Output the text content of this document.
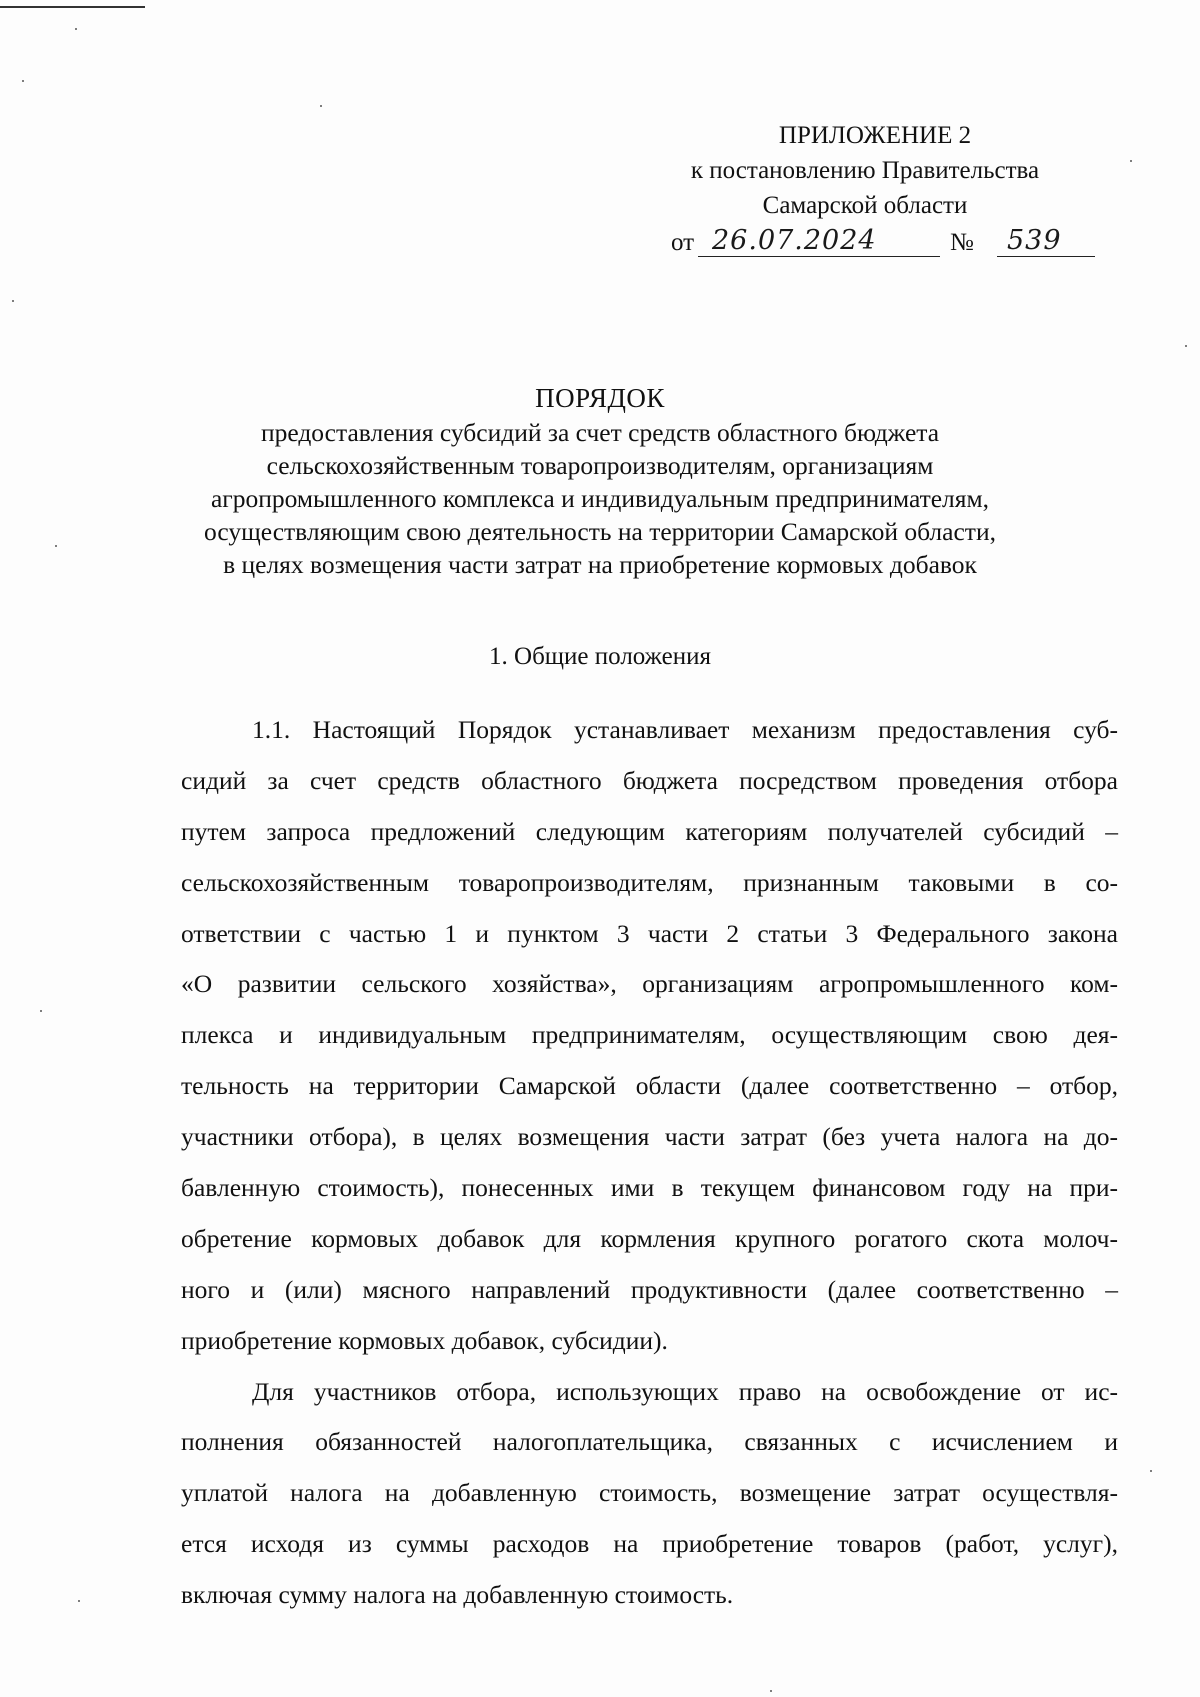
ПРИЛОЖЕНИЕ 2
к постановлению Правительства
Самарской области
от 26.07.2024	№	539
ПОРЯДОК
предоставления субсидий за счет средств областного бюджета
сельскохозяйственным товаропроизводителям, организациям
агропромышленного комплекса и индивидуальным предпринимателям,
осуществляющим свою деятельность на территории Самарской области,
в целях возмещения части затрат на приобретение кормовых добавок
1. Общие положения
1.1. Настоящий Порядок устанавливает механизм предоставления суб-
сидий за счет средств областного бюджета посредством проведения отбора
путем запроса предложений следующим категориям получателей субсидий –
сельскохозяйственным товаропроизводителям, признанным таковыми в со-
ответствии с частью 1 и пунктом 3 части 2 статьи 3 Федерального закона
«О развитии сельского хозяйства», организациям агропромышленного ком-
плекса и индивидуальным предпринимателям, осуществляющим свою дея-
тельность на территории Самарской области (далее соответственно – отбор,
участники отбора), в целях возмещения части затрат (без учета налога на до-
бавленную стоимость), понесенных ими в текущем финансовом году на при-
обретение кормовых добавок для кормления крупного рогатого скота молоч-
ного и (или) мясного направлений продуктивности (далее соответственно –
приобретение кормовых добавок, субсидии).
Для участников отбора, использующих право на освобождение от ис-
полнения обязанностей налогоплательщика, связанных с исчислением и
уплатой налога на добавленную стоимость, возмещение затрат осуществля-
ется исходя из суммы расходов на приобретение товаров (работ, услуг),
включая сумму налога на добавленную стоимость.
